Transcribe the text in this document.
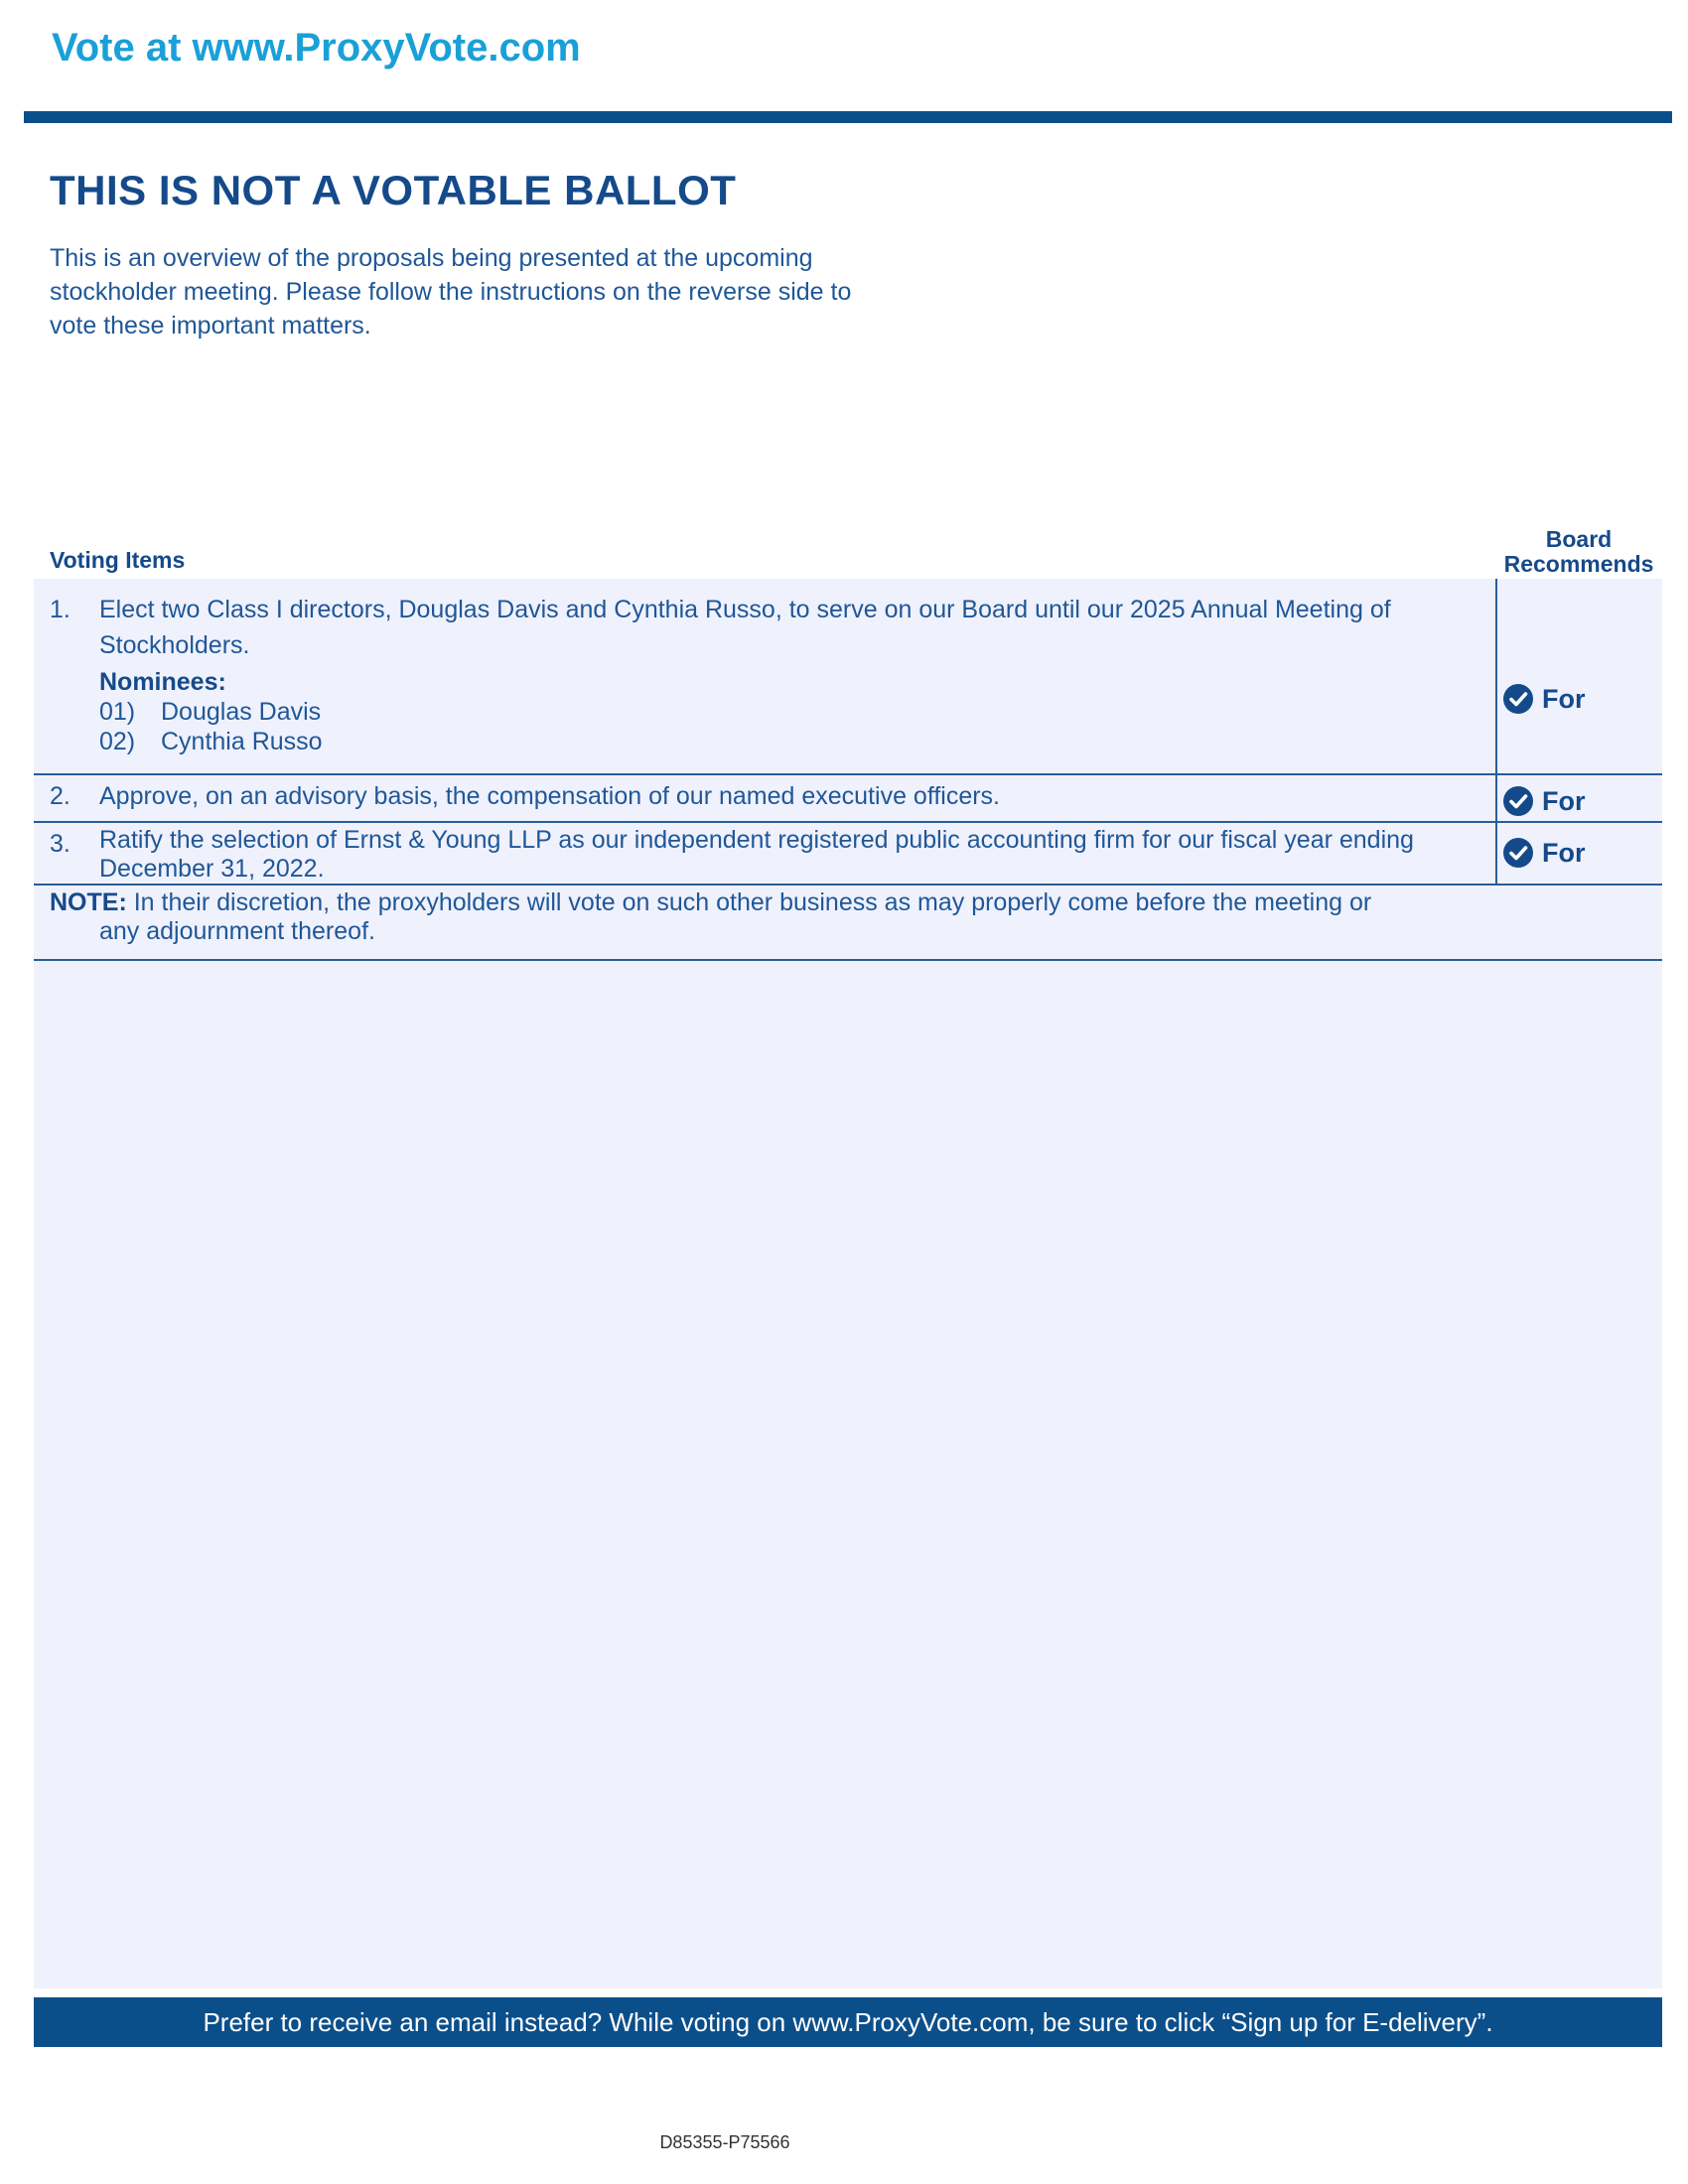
Vote at www.ProxyVote.com
THIS IS NOT A VOTABLE BALLOT
This is an overview of the proposals being presented at the upcoming stockholder meeting. Please follow the instructions on the reverse side to vote these important matters.
Voting Items
Board
Recommends
1. Elect two Class I directors, Douglas Davis and Cynthia Russo, to serve on our Board until our 2025 Annual Meeting of Stockholders.
Nominees:
01) Douglas Davis
02) Cynthia Russo
For
2. Approve, on an advisory basis, the compensation of our named executive officers.	For
3. Ratify the selection of Ernst & Young LLP as our independent registered public accounting firm for our fiscal year ending December 31, 2022.
For
NOTE: In their discretion, the proxyholders will vote on such other business as may properly come before the meeting or
any adjournment thereof.
Prefer to receive an email instead? While voting on www.ProxyVote.com, be sure to click “Sign up for E-delivery”.
D85355-P75566
